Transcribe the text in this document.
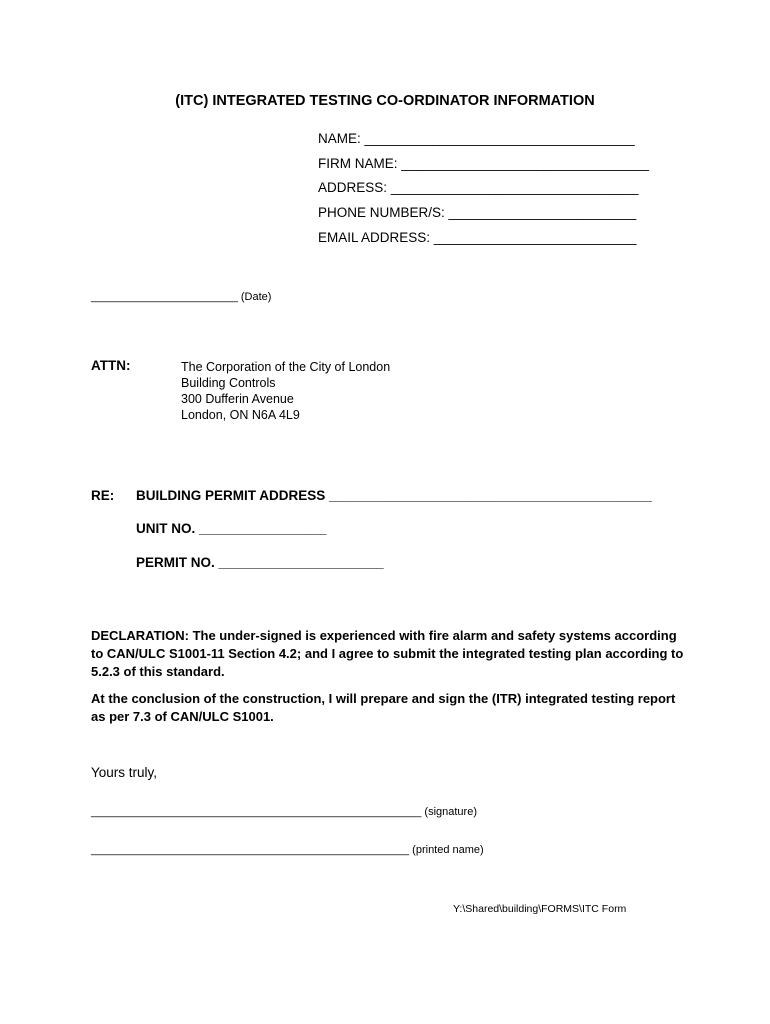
(ITC) INTEGRATED TESTING CO-ORDINATOR INFORMATION
NAME: ____________________________________
FIRM NAME: _________________________________
ADDRESS: _________________________________
PHONE NUMBER/S: _________________________
EMAIL ADDRESS: ___________________________
________________________ (Date)
ATTN:	The Corporation of the City of London
Building Controls
300 Dufferin Avenue
London, ON N6A 4L9
RE: BUILDING PERMIT ADDRESS ___________________________________________
UNIT NO. _________________
PERMIT NO. ______________________
DECLARATION: The under-signed is experienced with fire alarm and safety systems according to CAN/ULC S1001-11 Section 4.2; and I agree to submit the integrated testing plan according to 5.2.3 of this standard.
At the conclusion of the construction, I will prepare and sign the (ITR) integrated testing report as per 7.3 of CAN/ULC S1001.
Yours truly,
______________________________________________________ (signature)
____________________________________________________ (printed name)
Y:\Shared\building\FORMS\ITC Form
